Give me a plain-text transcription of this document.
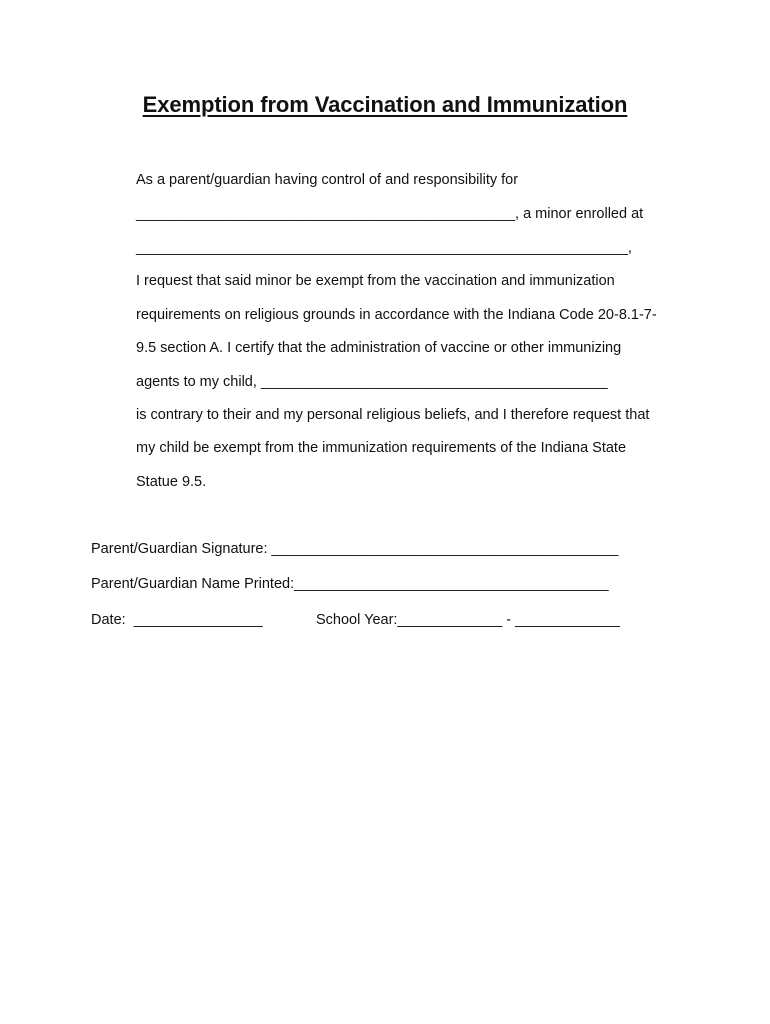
Exemption from Vaccination and Immunization
As a parent/guardian having control of and responsibility for
_______________________________________________, a minor enrolled at
_____________________________________________________________,
I request that said minor be exempt from the vaccination and immunization
requirements on religious grounds in accordance with the Indiana Code 20-8.1-7-
9.5 section A. I certify that the administration of vaccine or other immunizing
agents to my child, ___________________________________________
is contrary to their and my personal religious beliefs, and I therefore request that
my child be exempt from the immunization requirements of the Indiana State
Statue 9.5.
Parent/Guardian Signature: ___________________________________________
Parent/Guardian Name Printed:_______________________________________
Date:  ________________	School Year:_____________ - _____________
